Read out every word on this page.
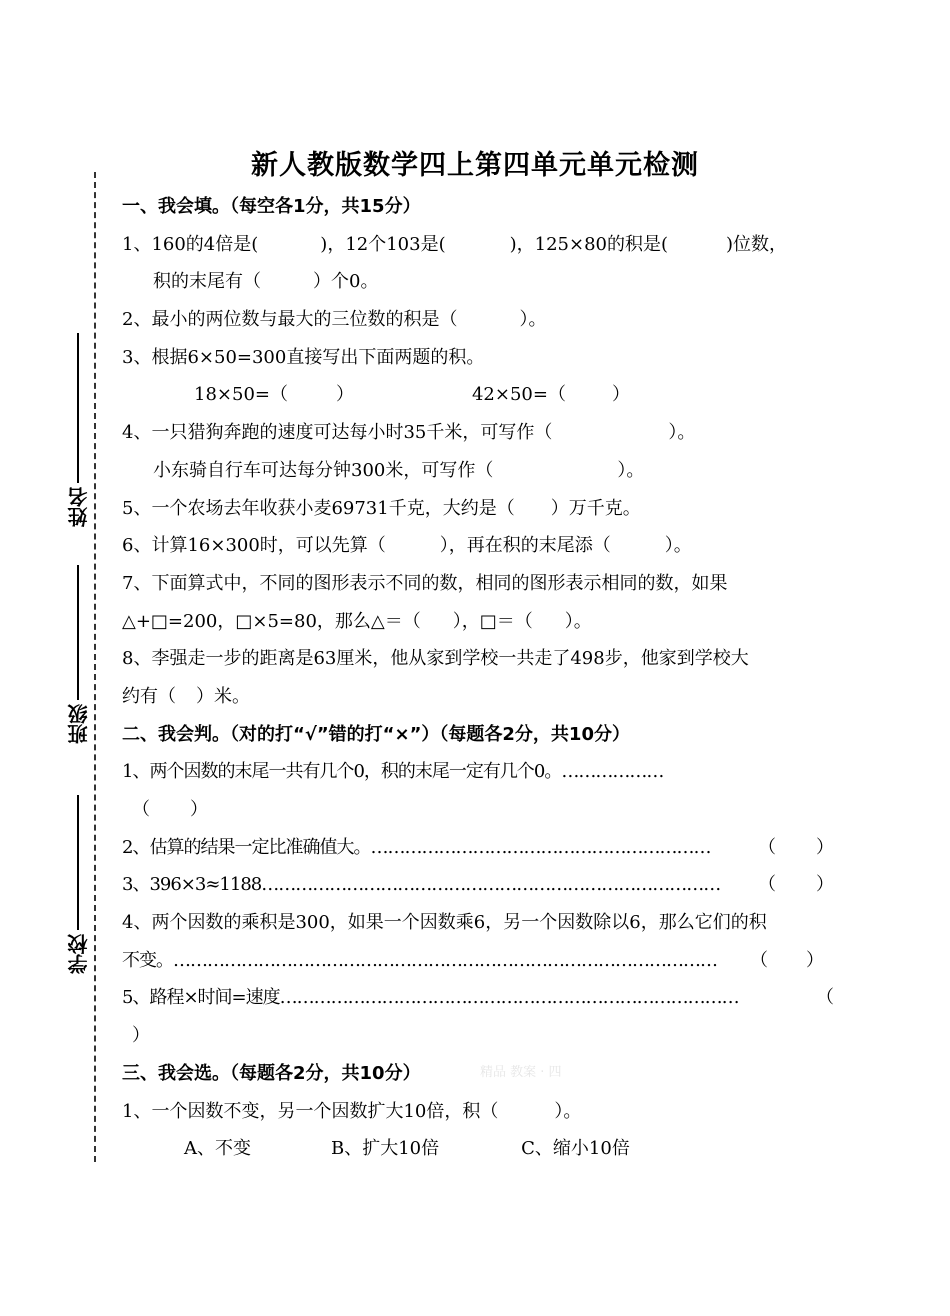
新人教版数学四上第四单元单元检测
姓名
班级
学校
一、我会填。（每空各1分，共15分）
1、160的4倍是(	)，12个103是(	)，125×80的积是(	)位数，
积的末尾有（	）个0。
2、最小的两位数与最大的三位数的积是（	）。
3、根据6×50=300直接写出下面两题的积。
18×50=（	）	42×50=（	）
4、一只猎狗奔跑的速度可达每小时35千米，可写作（	）。
小东骑自行车可达每分钟300米，可写作（	）。
5、一个农场去年收获小麦69731千克，大约是（ ）万千克。
6、计算16×300时，可以先算（	），再在积的末尾添（	）。
7、下面算式中，不同的图形表示不同的数，相同的图形表示相同的数，如果
△+□=200，□×5=80，那么△＝（ ），□＝（ ）。
8、李强走一步的距离是63厘米，他从家到学校一共走了498步，他家到学校大
约有（ ）米。
二、我会判。（对的打“√”错的打“×”）（每题各2分，共10分）
1、两个因数的末尾一共有几个0，积的末尾一定有几个0。………………
（ ）
2、估算的结果一定比准确值大。……………………………………………………	（ ）
3、396×3≈1188……………………………………………………………………… （ ）
4、两个因数的乘积是300，如果一个因数乘6，另一个因数除以6，那么它们的积
不变。…………………………………………………………………………………… （ ）
5、路程×时间=速度………………………………………………………………………	（
）
三、我会选。（每题各2分，共10分）
1、一个因数不变，另一个因数扩大10倍，积（	）。
A、不变	B、扩大10倍	C、缩小10倍
精品 教案 · 四
